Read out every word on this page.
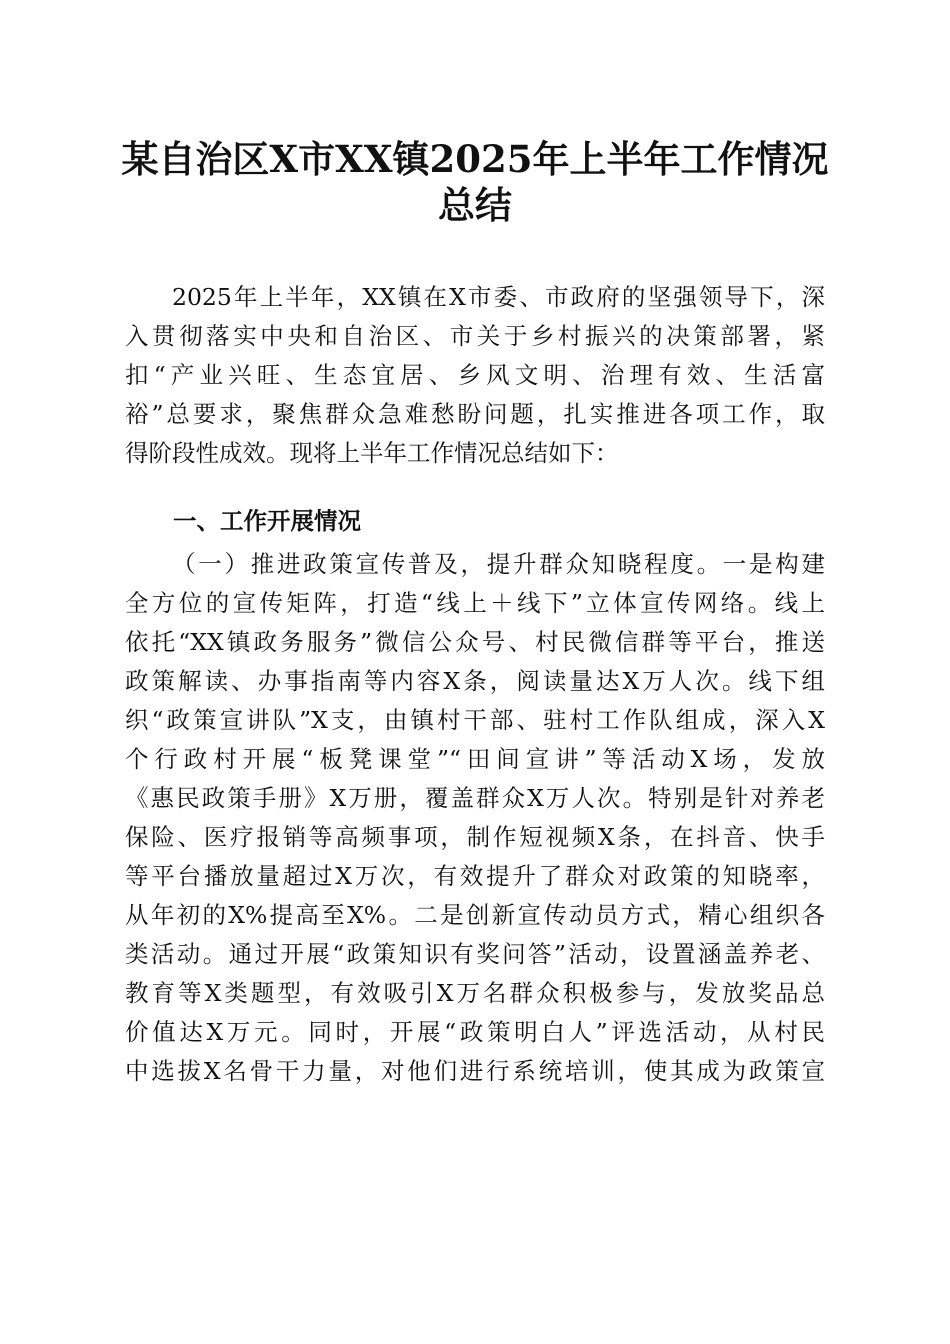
某自治区X市XX镇2025年上半年工作情况
总结
2025年上半年，XX镇在X市委、市政府的坚强领导下，深
入贯彻落实中央和自治区、市关于乡村振兴的决策部署，紧
扣“产业兴旺、生态宜居、乡风文明、治理有效、生活富
裕”总要求，聚焦群众急难愁盼问题，扎实推进各项工作，取
得阶段性成效。现将上半年工作情况总结如下：
一、工作开展情况
（一）推进政策宣传普及，提升群众知晓程度。一是构建
全方位的宣传矩阵，打造“线上＋线下”立体宣传网络。线上
依托“XX镇政务服务”微信公众号、村民微信群等平台，推送
政策解读、办事指南等内容X条，阅读量达X万人次。线下组
织“政策宣讲队”X支，由镇村干部、驻村工作队组成，深入X
个行政村开展“板凳课堂”“田间宣讲”等活动X场，发放
《惠民政策手册》X万册，覆盖群众X万人次。特别是针对养老
保险、医疗报销等高频事项，制作短视频X条，在抖音、快手
等平台播放量超过X万次，有效提升了群众对政策的知晓率，
从年初的X%提高至X%。二是创新宣传动员方式，精心组织各
类活动。通过开展“政策知识有奖问答”活动，设置涵盖养老、
教育等X类题型，有效吸引X万名群众积极参与，发放奖品总
价值达X万元。同时，开展“政策明白人”评选活动，从村民
中选拔X名骨干力量，对他们进行系统培训，使其成为政策宣
